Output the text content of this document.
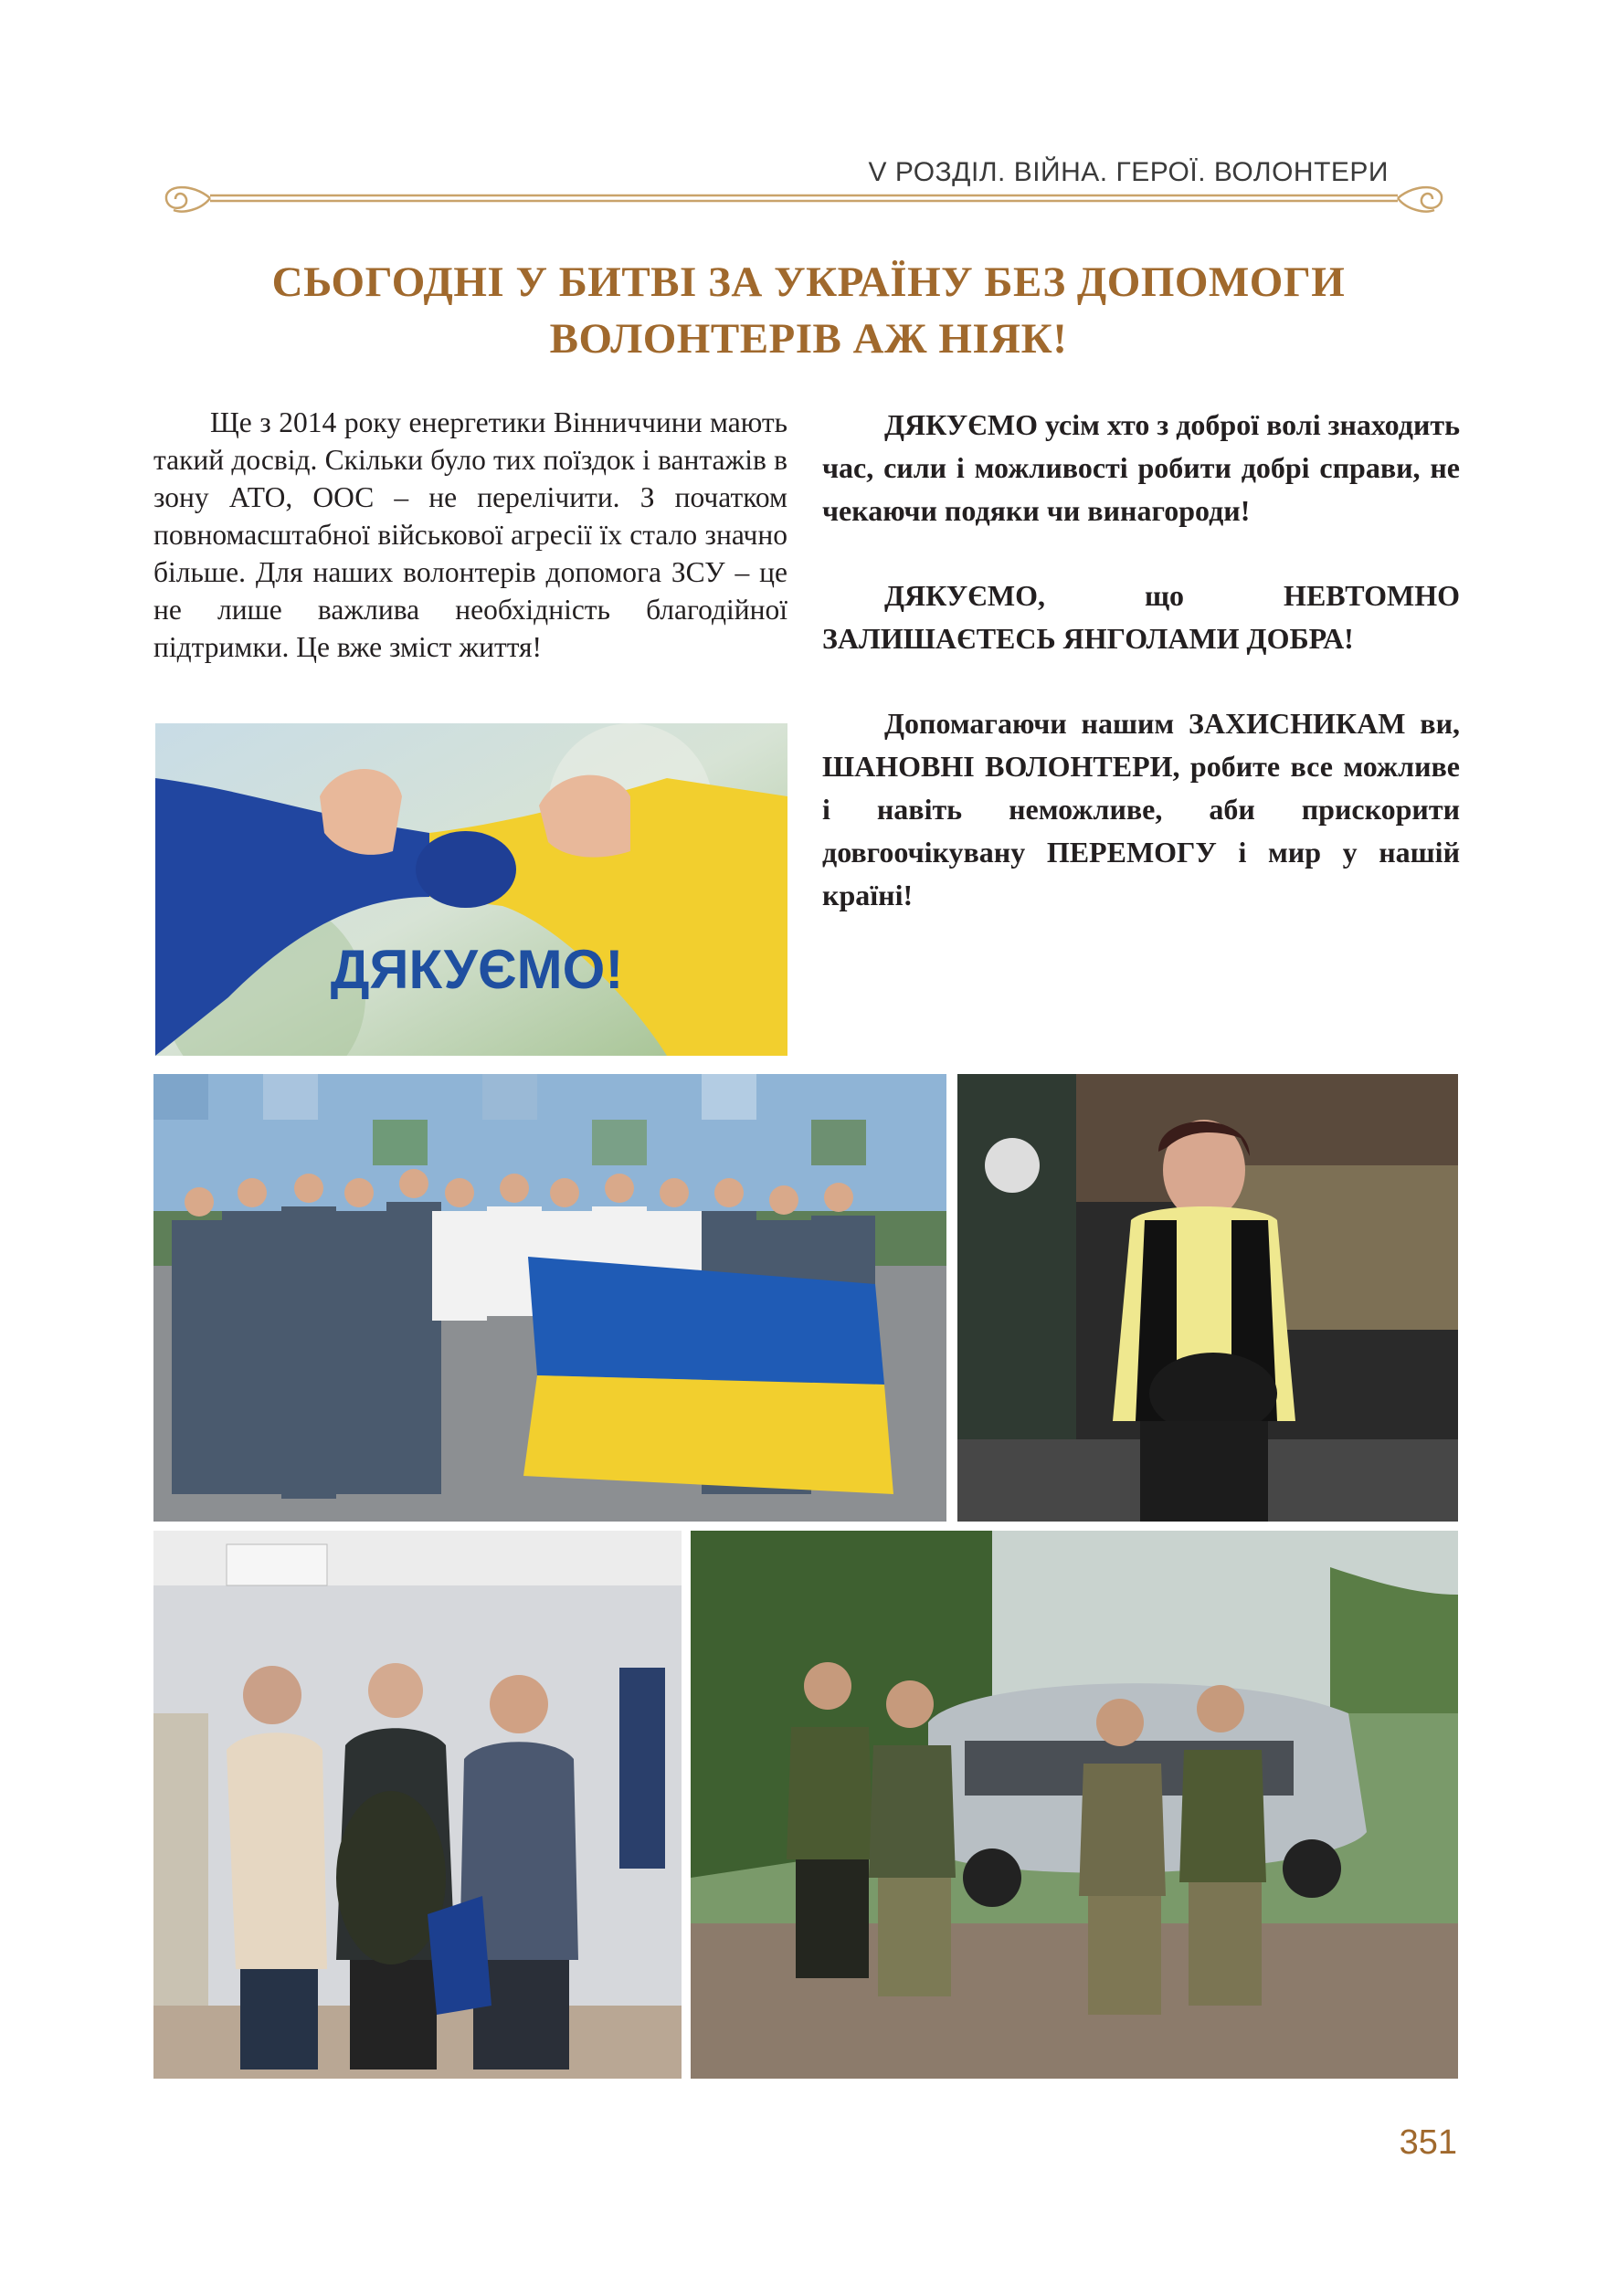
V РОЗДІЛ. ВІЙНА. ГЕРОЇ. ВОЛОНТЕРИ
СЬОГОДНІ У БИТВІ ЗА УКРАЇНУ БЕЗ ДОПОМОГИ
ВОЛОНТЕРІВ АЖ НІЯК!
Ще з 2014 року енергетики Вінниччини мають такий досвід. Скільки було тих поїздок і вантажів в зону АТО, ООС – не перелічити. З початком повномасштабної військової агресії їх стало значно більше. Для наших волонтерів допомога ЗСУ – це не лише важлива необхідність благодійної підтримки. Це вже зміст життя!

ДЯКУЄМО усім хто з доброї волі знаходить час, сили і можливості робити добрі справи, не чекаючи подяки чи винагороди!

ДЯКУЄМО, що НЕВТОМНО ЗАЛИШАЄТЕСЬ ЯНГОЛАМИ ДОБРА!

Допомагаючи нашим ЗАХИСНИКАМ ви, ШАНОВНІ ВОЛОНТЕРИ, робите все можливе і навіть неможливе, аби прискорити довгоочікувану ПЕРЕМОГУ і мир у нашій країні!

ДЯКУЄМО!
351
